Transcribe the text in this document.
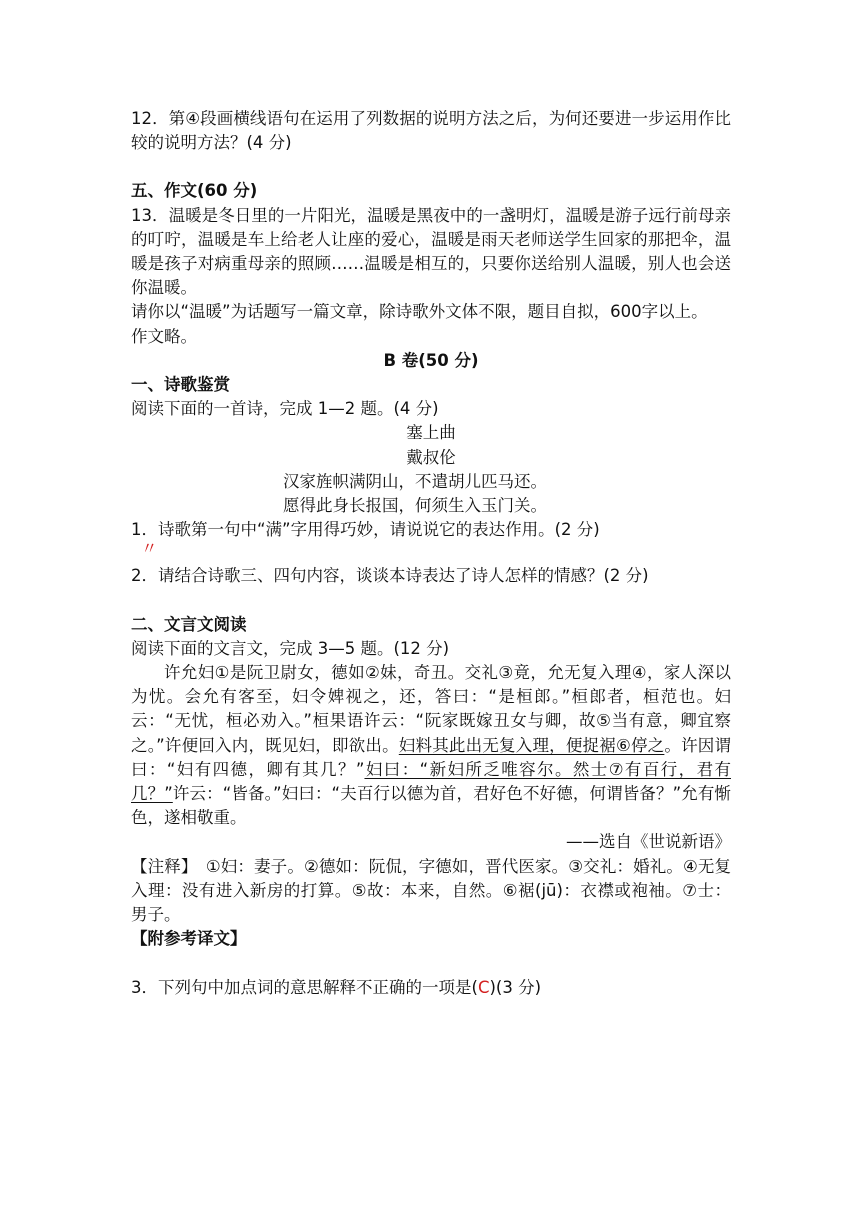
12．第④段画横线语句在运用了列数据的说明方法之后，为何还要进一步运用作比较的说明方法？(4 分)

五、作文(60 分)

13．温暖是冬日里的一片阳光，温暖是黑夜中的一盏明灯，温暖是游子远行前母亲的叮咛，温暖是车上给老人让座的爱心，温暖是雨天老师送学生回家的那把伞，温暖是孩子对病重母亲的照顾……温暖是相互的，只要你送给别人温暖，别人也会送你温暖。

请你以“温暖”为话题写一篇文章，除诗歌外文体不限，题目自拟，600字以上。

作文略。

B 卷(50 分)

一、诗歌鉴赏

阅读下面的一首诗，完成 1—2 题。(4 分)

塞上曲

戴叔伦

汉家旌帜满阴山，不遣胡儿匹马还。

愿得此身长报国，何须生入玉门关。

1．诗歌第一句中“满”字用得巧妙，请说说它的表达作用。(2 分)

〃

2．请结合诗歌三、四句内容，谈谈本诗表达了诗人怎样的情感？(2 分)

二、文言文阅读

阅读下面的文言文，完成 3—5 题。(12 分)

许允妇①是阮卫尉女，德如②妹，奇丑。交礼③竟，允无复入理④，家人深以为忧。会允有客至，妇令婢视之，还，答曰：“是桓郎。”桓郎者，桓范也。妇云：“无忧，桓必劝入。”桓果语许云：“阮家既嫁丑女与卿，故⑤当有意，卿宜察之。”许便回入内，既见妇，即欲出。妇料其此出无复入理，便捉裾⑥停之。许因谓曰：“妇有四德，卿有其几？”妇曰：“新妇所乏唯容尔。然士⑦有百行，君有几？”许云：“皆备。”妇曰：“夫百行以德为首，君好色不好德，何谓皆备？”允有惭色，遂相敬重。

——选自《世说新语》

【注释】　①妇：妻子。②德如：阮侃，字德如，晋代医家。③交礼：婚礼。④无复入理：没有进入新房的打算。⑤故：本来，自然。⑥裾(jū)：衣襟或袍袖。⑦士：男子。

【附参考译文】

3．下列句中加点词的意思解释不正确的一项是(C)(3 分)
